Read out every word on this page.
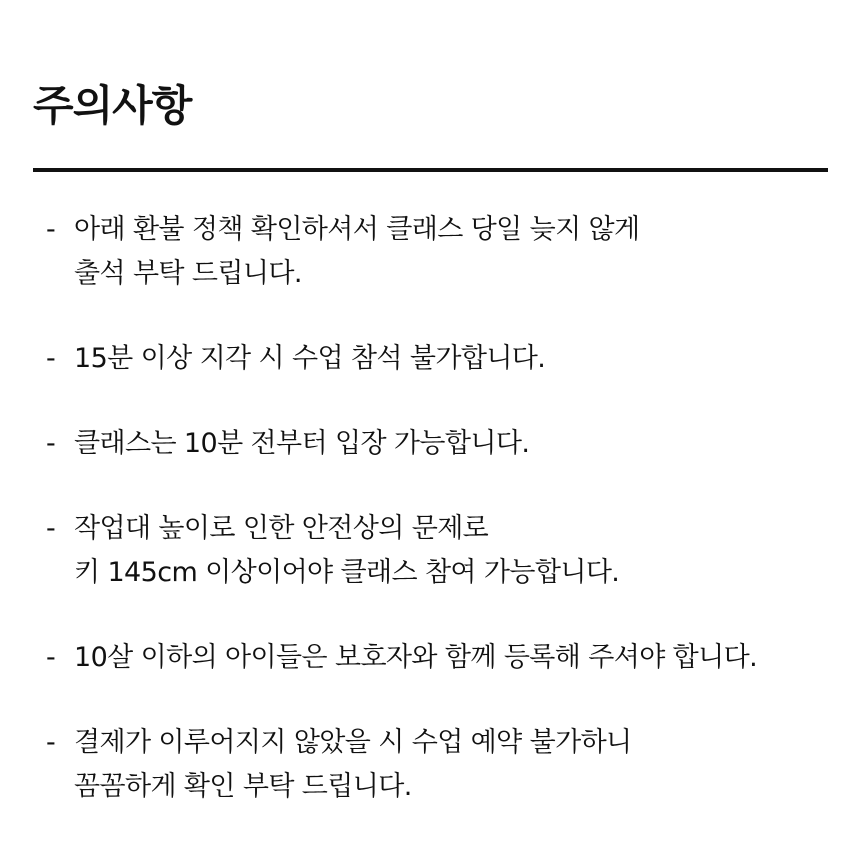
주의사항
- 아래 환불 정책 확인하셔서 클래스 당일 늦지 않게
출석 부탁 드립니다.
- 15분 이상 지각 시 수업 참석 불가합니다.
- 클래스는 10분 전부터 입장 가능합니다.
- 작업대 높이로 인한 안전상의 문제로
키 145cm 이상이어야 클래스 참여 가능합니다.
- 10살 이하의 아이들은 보호자와 함께 등록해 주셔야 합니다.
- 결제가 이루어지지 않았을 시 수업 예약 불가하니
꼼꼼하게 확인 부탁 드립니다.
